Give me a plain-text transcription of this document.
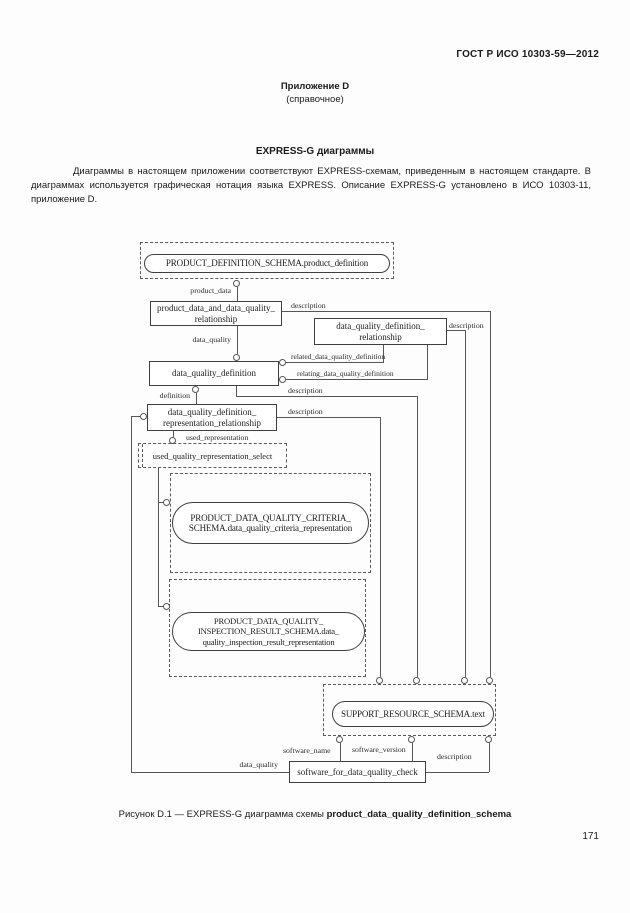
ГОСТ Р ИСО 10303-59—2012
Приложение D
(справочное)
EXPRESS-G диаграммы
Диаграммы в настоящем приложении соответствуют EXPRESS-схемам, приведенным в настоящем стандарте. В диаграммах используется графическая нотация языка EXPRESS. Описание EXPRESS-G установлено в ИСО 10303-11, приложение D.
PRODUCT_DEFINITION_SCHEMA.product_definition
product_data
product_data_and_data_quality_
relationship
description
data_quality
data_quality_definition_
relationship
description
data_quality_definition
related_data_quality_definition
relating_data_quality_definition
description
definition
data_quality_definition_
representation_relationship
description
data_quality
used_representation
used_quality_representation_select
PRODUCT_DATA_QUALITY_CRITERIA_
SCHEMA.data_quality_criteria_representation
PRODUCT_DATA_QUALITY_
INSPECTION_RESULT_SCHEMA.data_
quality_inspection_result_representation
SUPPORT_RESOURCE_SCHEMA.text
software_name	software_version
description
software_for_data_quality_check
Рисунок D.1 — EXPRESS-G диаграмма схемы product_data_quality_definition_schema
171
